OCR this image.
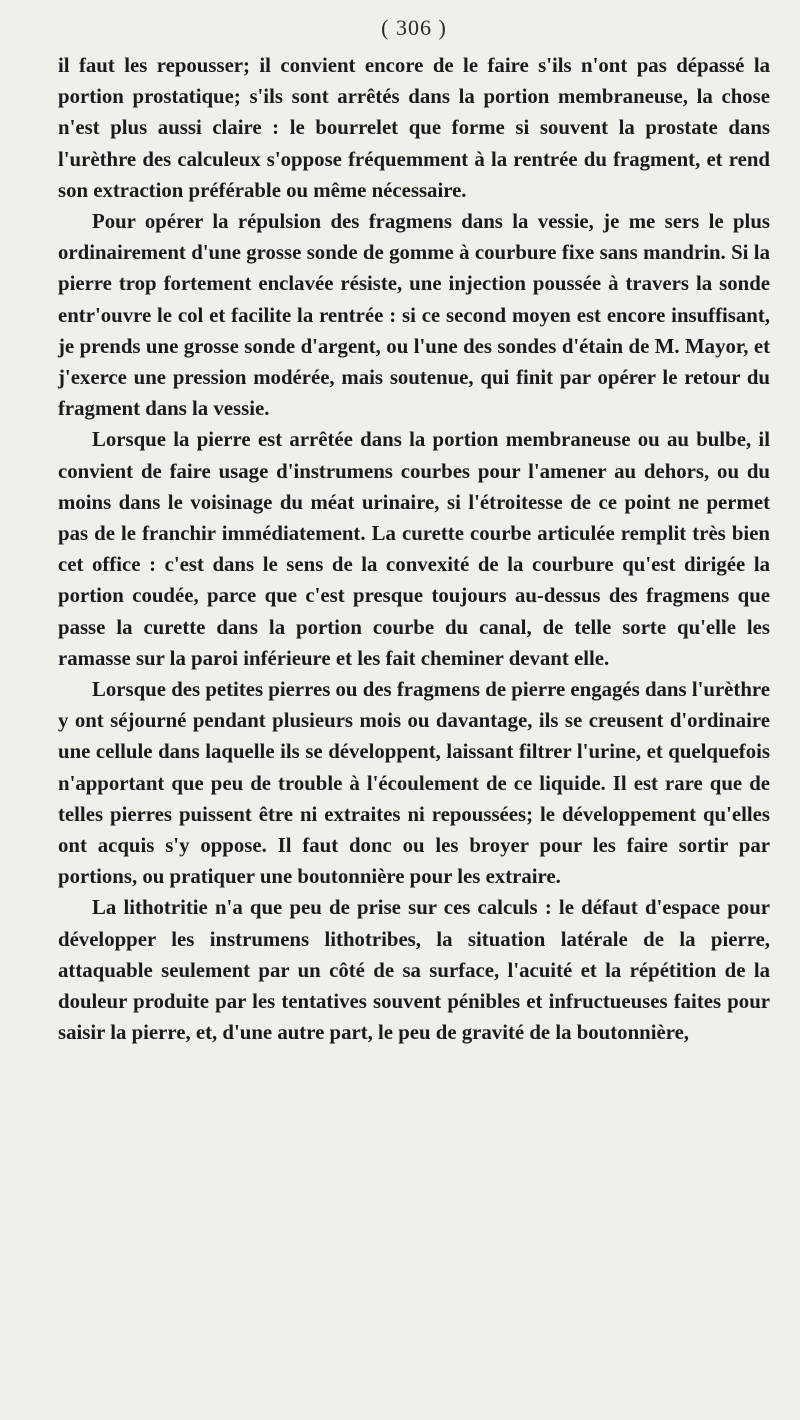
( 306 )

il faut les repousser; il convient encore de le faire s'ils n'ont pas dépassé la portion prostatique; s'ils sont arrêtés dans la portion membraneuse, la chose n'est plus aussi claire : le bourrelet que forme si souvent la prostate dans l'urèthre des calculeux s'oppose fréquemment à la rentrée du fragment, et rend son extraction préférable ou même nécessaire.

Pour opérer la répulsion des fragmens dans la vessie, je me sers le plus ordinairement d'une grosse sonde de gomme à courbure fixe sans mandrin. Si la pierre trop fortement enclavée résiste, une injection poussée à travers la sonde entr'ouvre le col et facilite la rentrée : si ce second moyen est encore insuffisant, je prends une grosse sonde d'argent, ou l'une des sondes d'étain de M. Mayor, et j'exerce une pression modérée, mais soutenue, qui finit par opérer le retour du fragment dans la vessie.

Lorsque la pierre est arrêtée dans la portion membraneuse ou au bulbe, il convient de faire usage d'instrumens courbes pour l'amener au dehors, ou du moins dans le voisinage du méat urinaire, si l'étroitesse de ce point ne permet pas de le franchir immédiatement. La curette courbe articulée remplit très bien cet office : c'est dans le sens de la convexité de la courbure qu'est dirigée la portion coudée, parce que c'est presque toujours au-dessus des fragmens que passe la curette dans la portion courbe du canal, de telle sorte qu'elle les ramasse sur la paroi inférieure et les fait cheminer devant elle.

Lorsque des petites pierres ou des fragmens de pierre engagés dans l'urèthre y ont séjourné pendant plusieurs mois ou davantage, ils se creusent d'ordinaire une cellule dans laquelle ils se développent, laissant filtrer l'urine, et quelquefois n'apportant que peu de trouble à l'écoulement de ce liquide. Il est rare que de telles pierres puissent être ni extraites ni repoussées; le développement qu'elles ont acquis s'y oppose. Il faut donc ou les broyer pour les faire sortir par portions, ou pratiquer une boutonnière pour les extraire.

La lithotritie n'a que peu de prise sur ces calculs : le défaut d'espace pour développer les instrumens lithotribes, la situation latérale de la pierre, attaquable seulement par un côté de sa surface, l'acuité et la répétition de la douleur produite par les tentatives souvent pénibles et infructueuses faites pour saisir la pierre, et, d'une autre part, le peu de gravité de la boutonnière,
